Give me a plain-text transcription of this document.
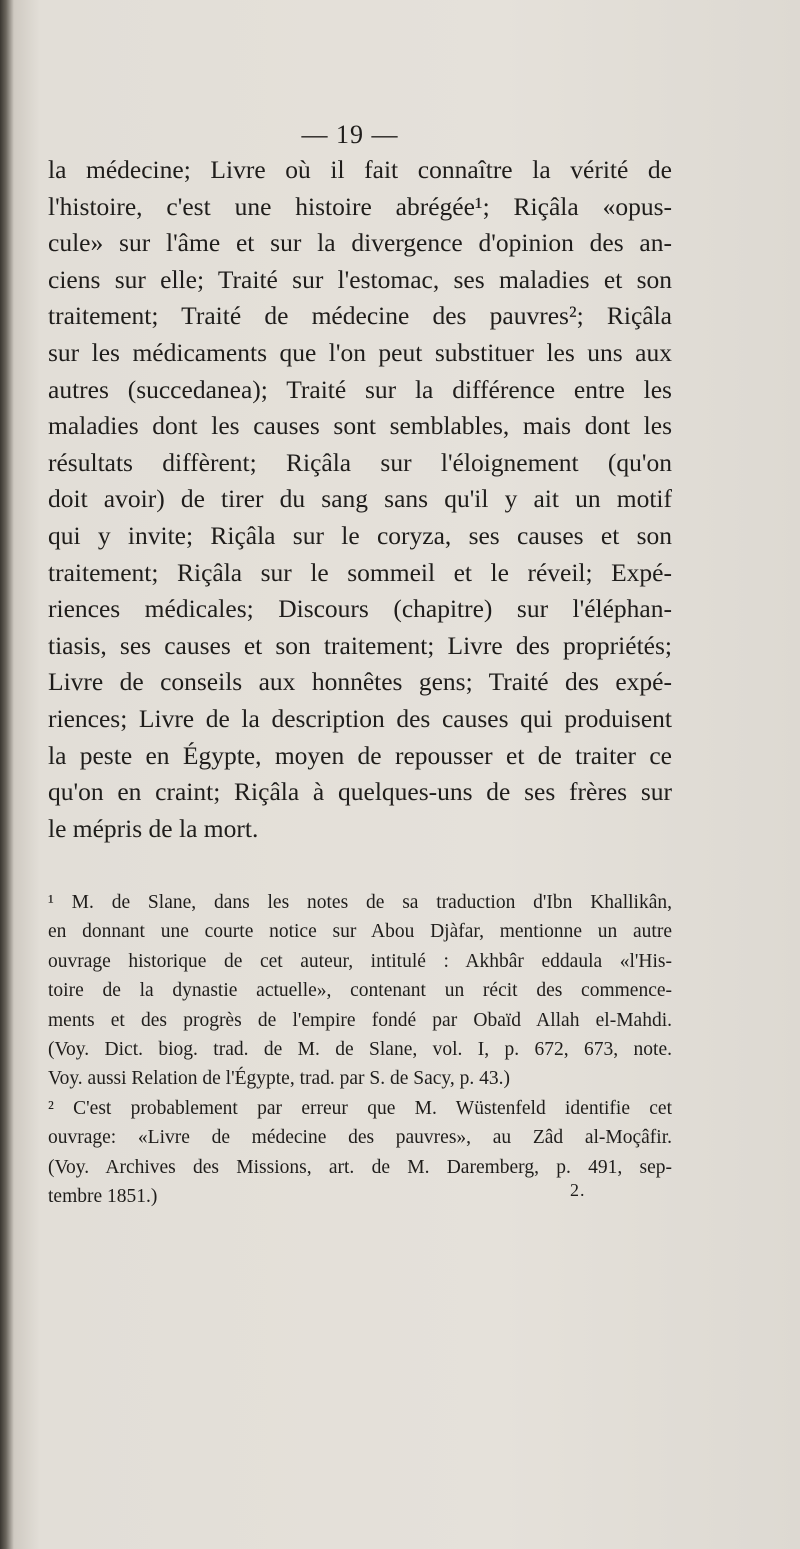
— 19 —
la médecine; Livre où il fait connaître la vérité de
l'histoire, c'est une histoire abrégée¹; Riçâla «opus-
cule» sur l'âme et sur la divergence d'opinion des an-
ciens sur elle; Traité sur l'estomac, ses maladies et son
traitement; Traité de médecine des pauvres²; Riçâla
sur les médicaments que l'on peut substituer les uns aux
autres (succedanea); Traité sur la différence entre les
maladies dont les causes sont semblables, mais dont les
résultats diffèrent; Riçâla sur l'éloignement (qu'on
doit avoir) de tirer du sang sans qu'il y ait un motif
qui y invite; Riçâla sur le coryza, ses causes et son
traitement; Riçâla sur le sommeil et le réveil; Expé-
riences médicales; Discours (chapitre) sur l'éléphan-
tiasis, ses causes et son traitement; Livre des propriétés;
Livre de conseils aux honnêtes gens; Traité des expé-
riences; Livre de la description des causes qui produisent
la peste en Égypte, moyen de repousser et de traiter ce
qu'on en craint; Riçâla à quelques-uns de ses frères sur
le mépris de la mort.
¹ M. de Slane, dans les notes de sa traduction d'Ibn Khallikân,
en donnant une courte notice sur Abou Djàfar, mentionne un autre
ouvrage historique de cet auteur, intitulé : Akhbâr eddaula «l'His-
toire de la dynastie actuelle», contenant un récit des commence-
ments et des progrès de l'empire fondé par Obaïd Allah el-Mahdi.
(Voy. Dict. biog. trad. de M. de Slane, vol. I, p. 672, 673, note.
Voy. aussi Relation de l'Égypte, trad. par S. de Sacy, p. 43.)
² C'est probablement par erreur que M. Wüstenfeld identifie cet
ouvrage: «Livre de médecine des pauvres», au Zâd al-Moçâfir.
(Voy. Archives des Missions, art. de M. Daremberg, p. 491, sep-
tembre 1851.)	2.
